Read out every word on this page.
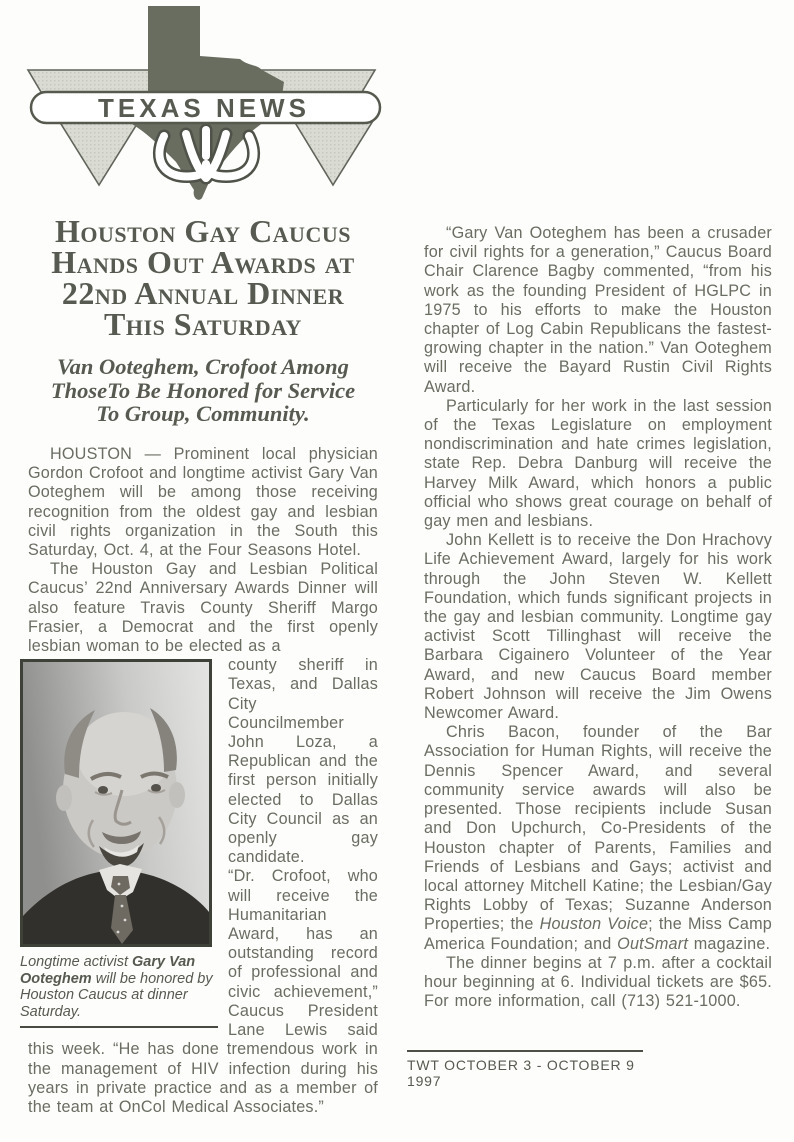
TEXAS NEWS
Houston Gay Caucus
Hands Out Awards at
22nd Annual Dinner
This Saturday
Van Ooteghem, Crofoot Among
ThoseTo Be Honored for Service
To Group, Community.

HOUSTON — Prominent local physician Gordon Crofoot and longtime activist Gary Van Ooteghem will be among those receiving recognition from the oldest gay and lesbian civil rights organization in the South this Saturday, Oct. 4, at the Four Seasons Hotel.

The Houston Gay and Lesbian Political Caucus’ 22nd Anniversary Awards Dinner will also feature Travis County Sheriff Margo Frasier, a Democrat and the first openly lesbian woman to be elected as a

Longtime activist Gary Van Ooteghem will be honored by Houston Caucus at dinner Saturday.

county sheriff in Texas, and Dallas City Councilmember John Loza, a Republican and the first person initially elected to Dallas City Council as an openly gay candidate.

“Dr. Crofoot, who will receive the Humanitarian Award, has an outstanding record of professional and civic achievement,” Caucus President Lane Lewis said this week. “He has done tremendous work in the management of HIV infection during his years in private practice and as a member of the team at OnCol Medical Associates.”

“Gary Van Ooteghem has been a crusader for civil rights for a generation,” Caucus Board Chair Clarence Bagby commented, “from his work as the founding President of HGLPC in 1975 to his efforts to make the Houston chapter of Log Cabin Republicans the fastest-growing chapter in the nation.” Van Ooteghem will receive the Bayard Rustin Civil Rights Award.

Particularly for her work in the last session of the Texas Legislature on employment nondiscrimination and hate crimes legislation, state Rep. Debra Danburg will receive the Harvey Milk Award, which honors a public official who shows great courage on behalf of gay men and lesbians.

John Kellett is to receive the Don Hrachovy Life Achievement Award, largely for his work through the John Steven W. Kellett Foundation, which funds significant projects in the gay and lesbian community. Longtime gay activist Scott Tillinghast will receive the Barbara Cigainero Volunteer of the Year Award, and new Caucus Board member Robert Johnson will receive the Jim Owens Newcomer Award.

Chris Bacon, founder of the Bar Association for Human Rights, will receive the Dennis Spencer Award, and several community service awards will also be presented. Those recipients include Susan and Don Upchurch, Co-Presidents of the Houston chapter of Parents, Families and Friends of Lesbians and Gays; activist and local attorney Mitchell Katine; the Lesbian/Gay Rights Lobby of Texas; Suzanne Anderson Properties; the Houston Voice; the Miss Camp America Foundation; and OutSmart magazine.

The dinner begins at 7 p.m. after a cocktail hour beginning at 6. Individual tickets are $65. For more information, call (713) 521-1000.

TWT OCTOBER 3 - OCTOBER 9 1997
